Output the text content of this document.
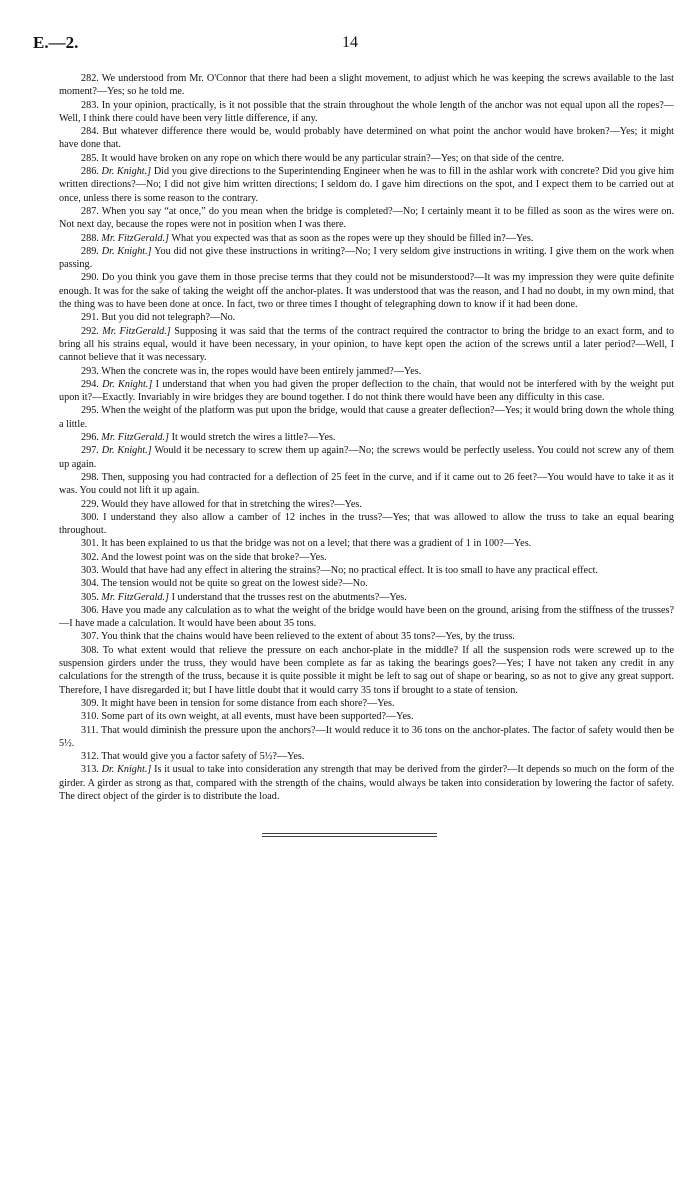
E.—2.	14

282. We understood from Mr. O'Connor that there had been a slight movement, to adjust which he was keeping the screws available to the last moment?—Yes; so he told me.

283. In your opinion, practically, is it not possible that the strain throughout the whole length of the anchor was not equal upon all the ropes?—Well, I think there could have been very little difference, if any.

284. But whatever difference there would be, would probably have determined on what point the anchor would have broken?—Yes; it might have done that.

285. It would have broken on any rope on which there would be any particular strain?—Yes; on that side of the centre.

286. Dr. Knight.] Did you give directions to the Superintending Engineer when he was to fill in the ashlar work with concrete? Did you give him written directions?—No; I did not give him written directions; I seldom do. I gave him directions on the spot, and I expect them to be carried out at once, unless there is some reason to the contrary.

287. When you say “at once,” do you mean when the bridge is completed?—No; I certainly meant it to be filled as soon as the wires were on. Not next day, because the ropes were not in position when I was there.

288. Mr. FitzGerald.] What you expected was that as soon as the ropes were up they should be filled in?—Yes.

289. Dr. Knight.] You did not give these instructions in writing?—No; I very seldom give instructions in writing. I give them on the work when passing.

290. Do you think you gave them in those precise terms that they could not be misunderstood?—It was my impression they were quite definite enough. It was for the sake of taking the weight off the anchor-plates. It was understood that was the reason, and I had no doubt, in my own mind, that the thing was to have been done at once. In fact, two or three times I thought of telegraphing down to know if it had been done.

291. But you did not telegraph?—No.

292. Mr. FitzGerald.] Supposing it was said that the terms of the contract required the contractor to bring the bridge to an exact form, and to bring all his strains equal, would it have been necessary, in your opinion, to have kept open the action of the screws until a later period?—Well, I cannot believe that it was necessary.

293. When the concrete was in, the ropes would have been entirely jammed?—Yes.

294. Dr. Knight.] I understand that when you had given the proper deflection to the chain, that would not be interfered with by the weight put upon it?—Exactly. Invariably in wire bridges they are bound together. I do not think there would have been any difficulty in this case.

295. When the weight of the platform was put upon the bridge, would that cause a greater deflection?—Yes; it would bring down the whole thing a little.

296. Mr. FitzGerald.] It would stretch the wires a little?—Yes.

297. Dr. Knight.] Would it be necessary to screw them up again?—No; the screws would be perfectly useless. You could not screw any of them up again.

298. Then, supposing you had contracted for a deflection of 25 feet in the curve, and if it came out to 26 feet?—You would have to take it as it was. You could not lift it up again.

229. Would they have allowed for that in stretching the wires?—Yes.

300. I understand they also allow a camber of 12 inches in the truss?—Yes; that was allowed to allow the truss to take an equal bearing throughout.

301. It has been explained to us that the bridge was not on a level; that there was a gradient of 1 in 100?—Yes.

302. And the lowest point was on the side that broke?—Yes.

303. Would that have had any effect in altering the strains?—No; no practical effect. It is too small to have any practical effect.

304. The tension would not be quite so great on the lowest side?—No.

305. Mr. FitzGerald.] I understand that the trusses rest on the abutments?—Yes.

306. Have you made any calculation as to what the weight of the bridge would have been on the ground, arising from the stiffness of the trusses?—I have made a calculation. It would have been about 35 tons.

307. You think that the chains would have been relieved to the extent of about 35 tons?—Yes, by the truss.

308. To what extent would that relieve the pressure on each anchor-plate in the middle? If all the suspension rods were screwed up to the suspension girders under the truss, they would have been complete as far as taking the bearings goes?—Yes; I have not taken any credit in any calculations for the strength of the truss, because it is quite possible it might be left to sag out of shape or bearing, so as not to give any great support. Therefore, I have disregarded it; but I have little doubt that it would carry 35 tons if brought to a state of tension.

309. It might have been in tension for some distance from each shore?—Yes.

310. Some part of its own weight, at all events, must have been supported?—Yes.

311. That would diminish the pressure upon the anchors?—It would reduce it to 36 tons on the anchor-plates. The factor of safety would then be 5½.

312. That would give you a factor safety of 5½?—Yes.

313. Dr. Knight.] Is it usual to take into consideration any strength that may be derived from the girder?—It depends so much on the form of the girder. A girder as strong as that, compared with the strength of the chains, would always be taken into consideration by lowering the factor of safety. The direct object of the girder is to distribute the load.
